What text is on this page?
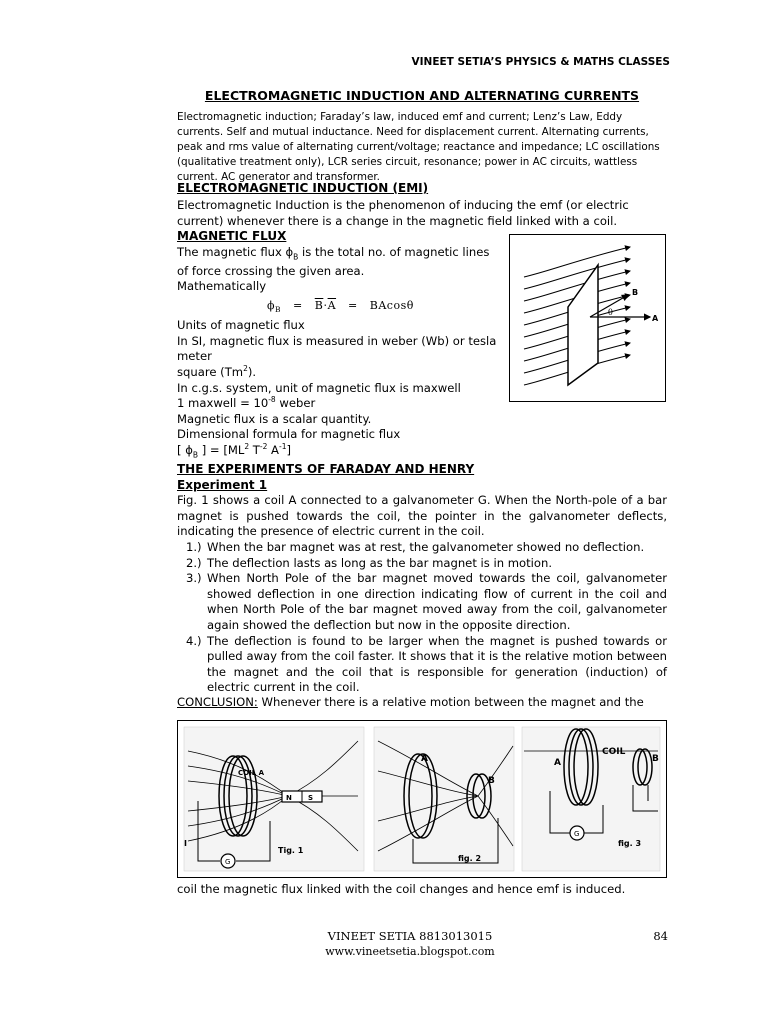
VINEET SETIA’S PHYSICS & MATHS CLASSES
ELECTROMAGNETIC INDUCTION AND ALTERNATING CURRENTS
Electromagnetic induction; Faraday’s law, induced emf and current; Lenz’s Law, Eddy currents. Self and mutual inductance. Need for displacement current. Alternating currents, peak and rms value of alternating current/voltage; reactance and impedance; LC oscillations (qualitative treatment only), LCR series circuit, resonance; power in AC circuits, wattless current. AC generator and transformer.
ELECTROMAGNETIC INDUCTION (EMI)
Electromagnetic Induction is the phenomenon of inducing the emf (or electric current) whenever there is a change in the magnetic field linked with a coil.
MAGNETIC FLUX
The magnetic flux $\phi_B$ is the total no. of magnetic lines
of force crossing the given area.
Mathematically
$\phi_B = \overline{B}\cdot\overline{A} = BAcos\theta$
Units of magnetic flux
In SI, magnetic flux is measured in weber (Wb) or tesla
meter
square (Tm$^2$).
In c.g.s. system, unit of magnetic flux is maxwell
1 maxwell = $10^{-8}$ weber
Magnetic flux is a scalar quantity.
Dimensional formula for magnetic flux
[ $\phi_B$ ] = [$ML^2$ $T^{-2}$ $A^{-1}$]
B
A
θ
THE EXPERIMENTS OF FARADAY AND HENRY
Experiment 1
Fig. 1 shows a coil A connected to a galvanometer G. When the North-pole of a bar magnet is pushed towards the coil, the pointer in the galvanometer deflects, indicating the presence of electric current in the coil.
1.) When the bar magnet was at rest, the galvanometer showed no deflection.
2.) The deflection lasts as long as the bar magnet is in motion.
3.) When North Pole of the bar magnet moved towards the coil, galvanometer showed deflection in one direction indicating flow of current in the coil and when North Pole of the bar magnet moved away from the coil, galvanometer again showed the deflection but now in the opposite direction.
4.) The deflection is found to be larger when the magnet is pushed towards or pulled away from the coil faster. It shows that it is the relative motion between the magnet and the coil that is responsible for generation (induction) of electric current in the coil.
CONCLUSION: Whenever there is a relative motion between the magnet and the
N S
G
I
COIL A
Tig. 1
A
B
fig. 2
G
COIL
A	B
fig. 3
coil the magnetic flux linked with the coil changes and hence emf is induced.
VINEET SETIA 8813013015
www.vineetsetia.blogspot.com
84
